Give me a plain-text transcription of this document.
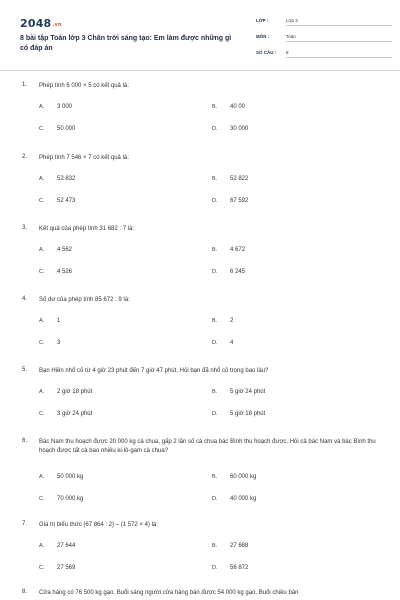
2048.vn
8 bài tập Toán lớp 3 Chân trời sáng tạo: Em làm được những gì có đáp án
LỚP :	Lớp 3
MÔN :	Toán
SỐ CÂU : 8
1. Phép tính 6 000 × 5 có kết quả là:
A. 3 000	B. 40 00
C. 50 000	D. 30 000
2. Phép tính 7 546 × 7 có kết quả là:
A. 52 832	B. 52 822
C. 52 473	D. 67 592
3. Kết quả của phép tính 31 682 : 7 là:
A. 4 562	B. 4 672
C. 4 526	D. 6 245
4. Số dư của phép tính 85 672 : 9 là:
A. 1	B. 2
C. 3	D. 4
5. Bạn Hiền nhổ cỏ từ 4 giờ 23 phút đến 7 giờ 47 phút. Hỏi bạn đã nhổ cỏ trong bao lâu?
A. 2 giờ 18 phút	B. 5 giờ 24 phút
C. 3 giờ 24 phút	D. 5 giờ 18 phút
6. Bác Nam thu hoạch được 20 000 kg cà chua, gấp 2 lần số cà chua bác Bình thu hoạch được. Hỏi cả bác Nam và bác Bình thu hoạch được tất cả bao nhiêu ki-lô-gam cà chua?
A. 50 000 kg	B. 60 000 kg
C. 70 000 kg	D. 40 000 kg
7. Giá trị biểu thức (67 864 : 2) – (1 572 × 4) là:
A. 27 644	B. 27 688
C. 27 569	D. 56 872
8. Cửa hàng có 76 500 kg gạo. Buổi sáng người cửa hàng bán được 54 000 kg gạo. Buổi chiều bán
